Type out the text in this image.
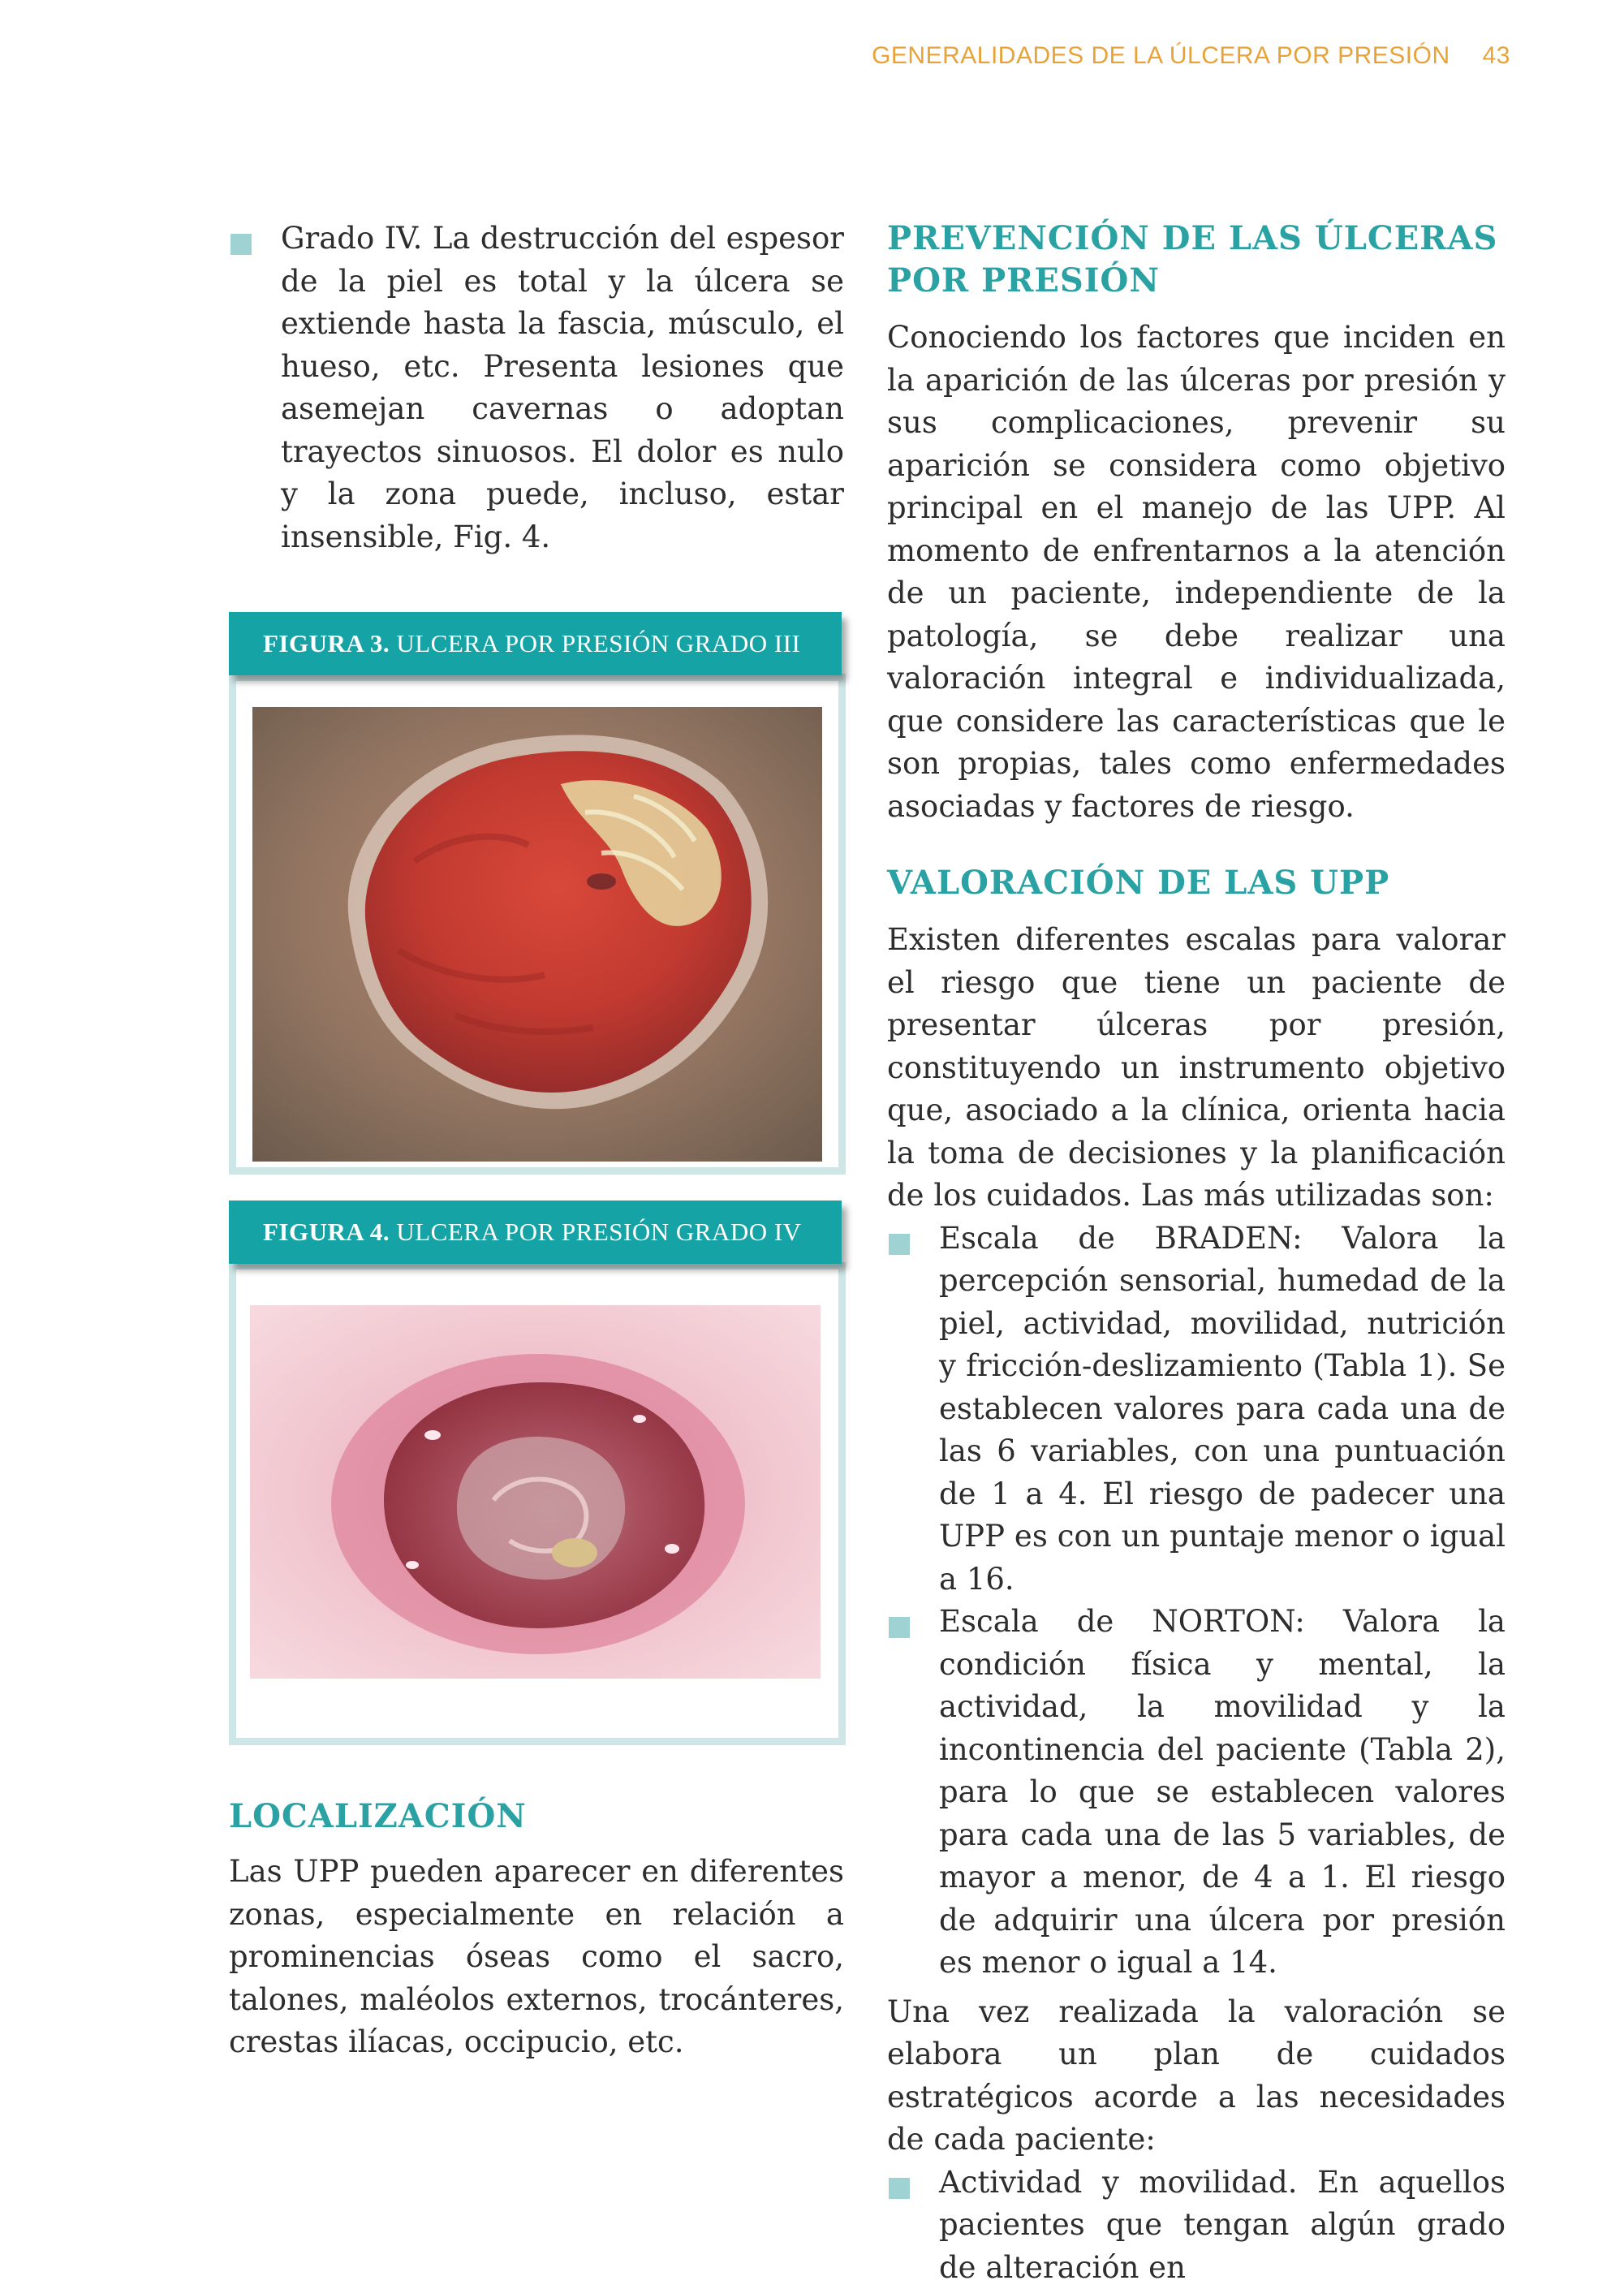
GENERALIDADES DE LA ÚLCERA POR PRESIÓN 43

Grado IV. La destrucción del espesor de la piel es total y la úlcera se extiende hasta la fascia, músculo, el hueso, etc. Presenta lesiones que asemejan cavernas o adoptan trayectos sinuosos. El dolor es nulo y la zona puede, incluso, estar insensible, Fig. 4.

FIGURA 3. ULCERA POR PRESIÓN GRADO III
FIGURA 4. ULCERA POR PRESIÓN GRADO IV
LOCALIZACIÓN

Las UPP pueden aparecer en diferentes zonas, especialmente en relación a prominencias óseas como el sacro, talones, maléolos externos, trocánteres, crestas ilíacas, occipucio, etc.

PREVENCIÓN DE LAS ÚLCERAS POR PRESIÓN

Conociendo los factores que inciden en la aparición de las úlceras por presión y sus complicaciones, prevenir su aparición se considera como objetivo principal en el manejo de las UPP. Al momento de enfrentarnos a la atención de un paciente, independiente de la patología, se debe realizar una valoración integral e individualizada, que considere las características que le son propias, tales como enfermedades asociadas y factores de riesgo.

VALORACIÓN DE LAS UPP

Existen diferentes escalas para valorar el riesgo que tiene un paciente de presentar úlceras por presión, constituyendo un instrumento objetivo que, asociado a la clínica, orienta hacia la toma de decisiones y la planificación de los cuidados. Las más utilizadas son:

Escala de BRADEN: Valora la percepción sensorial, humedad de la piel, actividad, movilidad, nutrición y fricción-deslizamiento (Tabla 1). Se establecen valores para cada una de las 6 variables, con una puntuación de 1 a 4. El riesgo de padecer una UPP es con un puntaje menor o igual a 16.

Escala de NORTON: Valora la condición física y mental, la actividad, la movilidad y la incontinencia del paciente (Tabla 2), para lo que se establecen valores para cada una de las 5 variables, de mayor a menor, de 4 a 1. El riesgo de adquirir una úlcera por presión es menor o igual a 14.

Una vez realizada la valoración se elabora un plan de cuidados estratégicos acorde a las necesidades de cada paciente:

Actividad y movilidad. En aquellos pacientes que tengan algún grado de alteración en
